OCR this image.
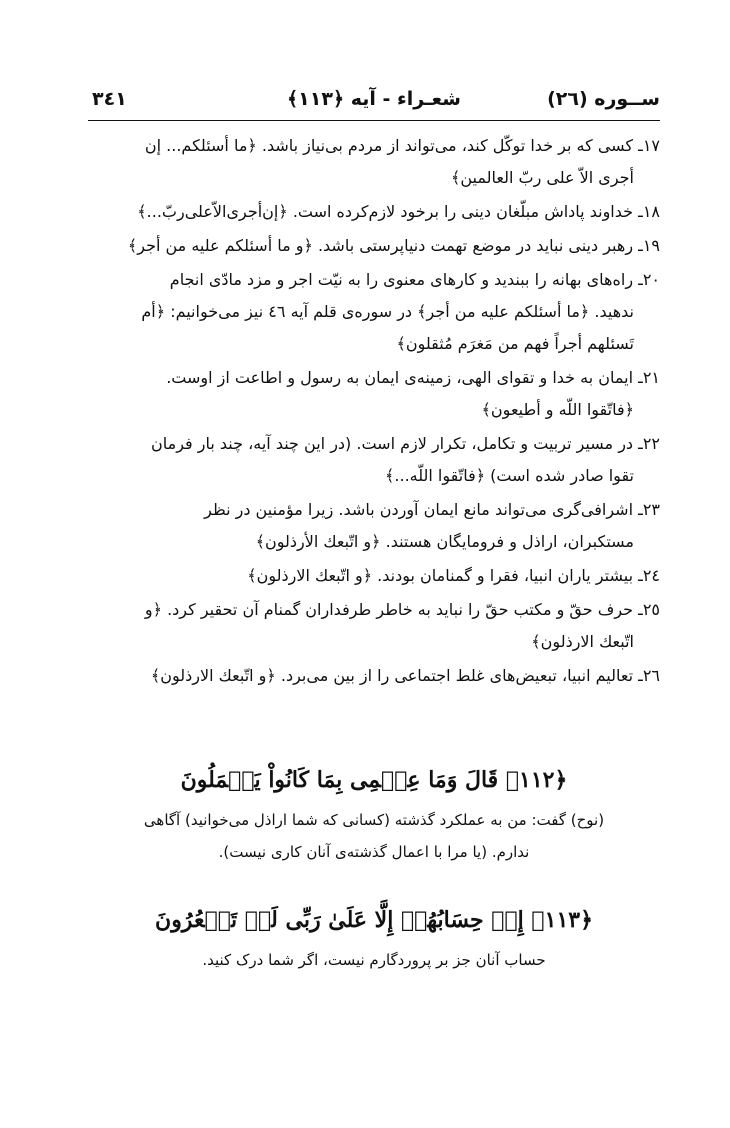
ســوره (٢٦)
شعـراء - آيه ﴿١١٣﴾
٣٤١
١٧ـ كسی كه بر خدا توكّل كند، می‌تواند از مردم بی‌نياز باشد. ﴿ما أسئلكم... إن
أجری الاّ علی ربّ العالمين﴾
١٨ـ خداوند پاداش مبلّغان دينی را برخود لازم‌كرده است. ﴿إن‌أجری‌الاّعلی‌ربّ...﴾
١٩ـ رهبر دينی نبايد در موضع تهمت دنياپرستی باشد. ﴿و ما أسئلكم عليه من أجر﴾
٢٠ـ راه‌های بهانه را ببنديد و كارهای معنوی را به نيّت اجر و مزد مادّی انجام
ندهيد. ﴿ما أسئلكم عليه من أجر﴾ در سوره‌ی قلم آيه ٤٦ نيز می‌خوانيم: ﴿أم
تَسئلهم أجراً فهم من مَغرَم مُثقلون﴾
٢١ـ ايمان به خدا و تقوای الهی، زمينه‌ی ايمان به رسول و اطاعت از اوست.
﴿فاتّقوا اللّه و أطيعون﴾
٢٢ـ در مسير تربيت و تكامل، تكرار لازم است. (در اين چند آيه، چند بار فرمان
تقوا صادر شده است) ﴿فاتّقوا اللّه...﴾
٢٣ـ اشرافی‌گری می‌تواند مانع ايمان آوردن باشد. زيرا مؤمنين در نظر
مستكبران، اراذل و فرومايگان هستند. ﴿و اتّبعك الأرذلون﴾
٢٤ـ بيشتر ياران انبيا، فقرا و گمنامان بودند. ﴿و اتّبعك الارذلون﴾
٢٥ـ حرف حقّ و مكتب حقّ را نبايد به خاطر طرفداران گمنام آن تحقير كرد. ﴿و
اتّبعك الارذلون﴾
٢٦ـ تعاليم انبيا، تبعيض‌های غلط اجتماعی را از بين می‌برد. ﴿و اتّبعك الارذلون﴾
﴿١١٢﴾ قَالَ وَمَا عِلۡمِی بِمَا كَانُواْ يَعۡمَلُونَ
(نوح) گفت: من به عملكرد گذشته (كسانی كه شما اراذل می‌خوانيد) آگاهی
ندارم. (يا مرا با اعمال گذشته‌ی آنان كاری نيست).
﴿١١٣﴾ إِنۡ حِسَابُهُمۡ إِلَّا عَلَىٰ رَبِّی لَوۡ تَشۡعُرُونَ
حساب آنان جز بر پروردگارم نيست، اگر شما درک كنيد.
